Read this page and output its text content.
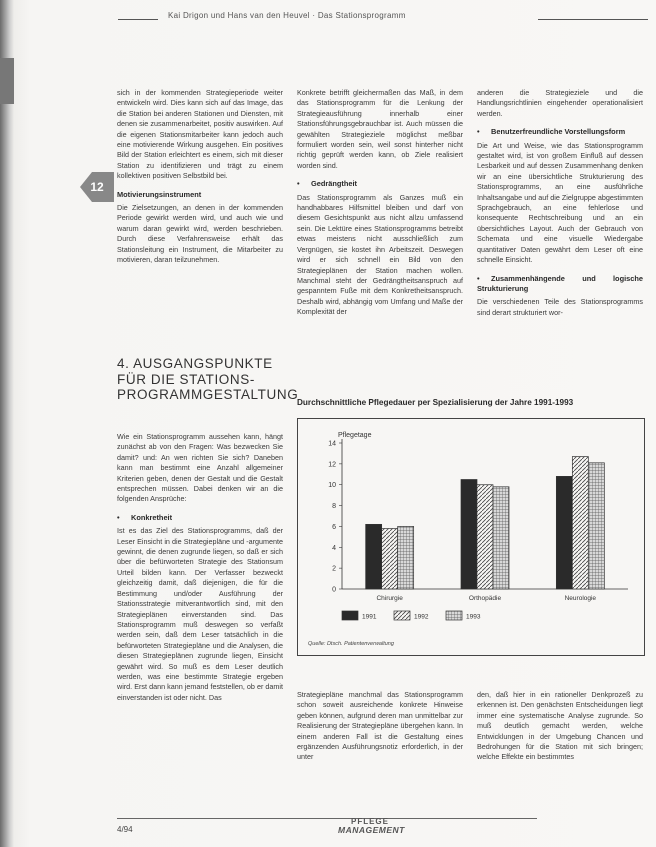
Kai Drigon und Hans van den Heuvel · Das Stationsprogramm
12

sich in der kommenden Strategieperiode weiter entwickeln wird. Dies kann sich auf das Image, das die Station bei anderen Stationen und Diensten, mit denen sie zusammenarbeitet, positiv auswirken. Auf die eigenen Stationsmitarbeiter kann jedoch auch eine motivierende Wirkung ausgehen. Ein positives Bild der Station erleichtert es einem, sich mit dieser Station zu identifizieren und trägt zu einem kollektiven positiven Selbstbild bei.

Motivierungsinstrument

Die Zielsetzungen, an denen in der kommenden Periode gewirkt werden wird, und auch wie und warum daran gewirkt wird, werden beschrieben. Durch diese Verfahrensweise erhält das Stationsleitung ein Instrument, die Mitarbeiter zu motivieren, daran teilzunehmen.

4. AUSGANGSPUNKTE FÜR DIE STATIONS-PROGRAMMGESTALTUNG

Wie ein Stationsprogramm aussehen kann, hängt zunächst ab von den Fragen: Was bezwecken Sie damit? und: An wen richten Sie sich? Daneben kann man bestimmt eine Anzahl allgemeiner Kriterien geben, denen der Gestalt und die Gestalt entsprechen müssen. Dabei denken wir an die folgenden Ansprüche:

• Konkretheit

Ist es das Ziel des Stationsprogramms, daß der Leser Einsicht in die Strategiepläne und -argumente gewinnt, die denen zugrunde liegen, so daß er sich über die befürworteten Strategie des Stationsum Urteil bilden kann. Der Verfasser bezweckt gleichzeitig damit, daß diejenigen, die für die Bestimmung und/oder Ausführung der Stationsstrategie mitverantwortlich sind, mit den Strategieplänen einverstanden sind. Das Stationsprogramm muß deswegen so verfaßt werden sein, daß dem Leser tatsächlich in die befürworteten Strategiepläne und die Analysen, die diesen Strategieplänen zugrunde liegen, Einsicht gewährt wird. So muß es dem Leser deutlich werden, was eine bestimmte Strategie ergeben wird. Erst dann kann jemand feststellen, ob er damit einverstanden ist oder nicht. Das

Konkrete betrifft gleichermaßen das Maß, in dem das Stationsprogramm für die Lenkung der Strategieausführung innerhalb einer Stationsführungsgebrauchbar ist. Auch müssen die gewählten Strategieziele möglichst meßbar formuliert worden sein, weil sonst hinterher nicht richtig geprüft werden kann, ob Ziele realisiert worden sind.

• Gedrängtheit

Das Stationsprogramm als Ganzes muß ein handhabbares Hilfsmittel bleiben und darf von diesem Gesichtspunkt aus nicht allzu umfassend sein. Die Lektüre eines Stationsprogramms betreibt etwas meistens nicht ausschließlich zum Vergnügen, sie kostet ihn Arbeitszeit. Deswegen wird er sich schnell ein Bild von den Strategieplänen der Station machen wollen. Manchmal steht der Gedrängtheitsanspruch auf gespanntem Fuße mit dem Konkretheitsanspruch. Deshalb wird, abhängig vom Umfang und Maße der Komplexität der

anderen die Strategieziele und die Handlungsrichtlinien eingehender operationalisiert werden.

• Benutzerfreundliche Vorstellungsform

Die Art und Weise, wie das Stationsprogramm gestaltet wird, ist von großem Einfluß auf dessen Lesbarkeit und auf dessen Zusammenhang denken wir an eine übersichtliche Strukturierung des Stationsprogramms, an eine ausführliche Inhaltsangabe und auf die Zielgruppe abgestimmten Sprachgebrauch, an eine fehlerlose und konsequente Rechtschreibung und an ein übersichtliches Layout. Auch der Gebrauch von Schemata und eine visuelle Wiedergabe quantitativer Daten gewährt dem Leser oft eine schnelle Einsicht.

• Zusammenhängende und logische Strukturierung

Die verschiedenen Teile des Stationsprogramms sind derart strukturiert wor-

Durchschnittliche Pflegedauer per Spezialisierung der Jahre 1991-1993
Pflegetage
0
2
4
6
8
10
12
14
Chirurgie	Orthopädie	Neurologie
1991	1992	1993
Quelle: Dtsch. Patientenverwaltung

Strategiepläne manchmal das Stationsprogramm schon soweit ausreichende konkrete Hinweise geben können, aufgrund deren man unmittelbar zur Realisierung der Strategiepläne übergehen kann. In einem anderen Fall ist die Gestaltung eines ergänzenden Ausführungsnotiz erforderlich, in der unter

den, daß hier in ein rationeller Denkprozeß zu erkennen ist. Den genächsten Entscheidungen liegt immer eine systematische Analyse zugrunde. So muß deutlich gemacht werden, welche Entwicklungen in der Umgebung Chancen und Bedrohungen für die Station mit sich bringen; welche Effekte ein bestimmtes

4/94
PFLEGE
MANAGEMENT
